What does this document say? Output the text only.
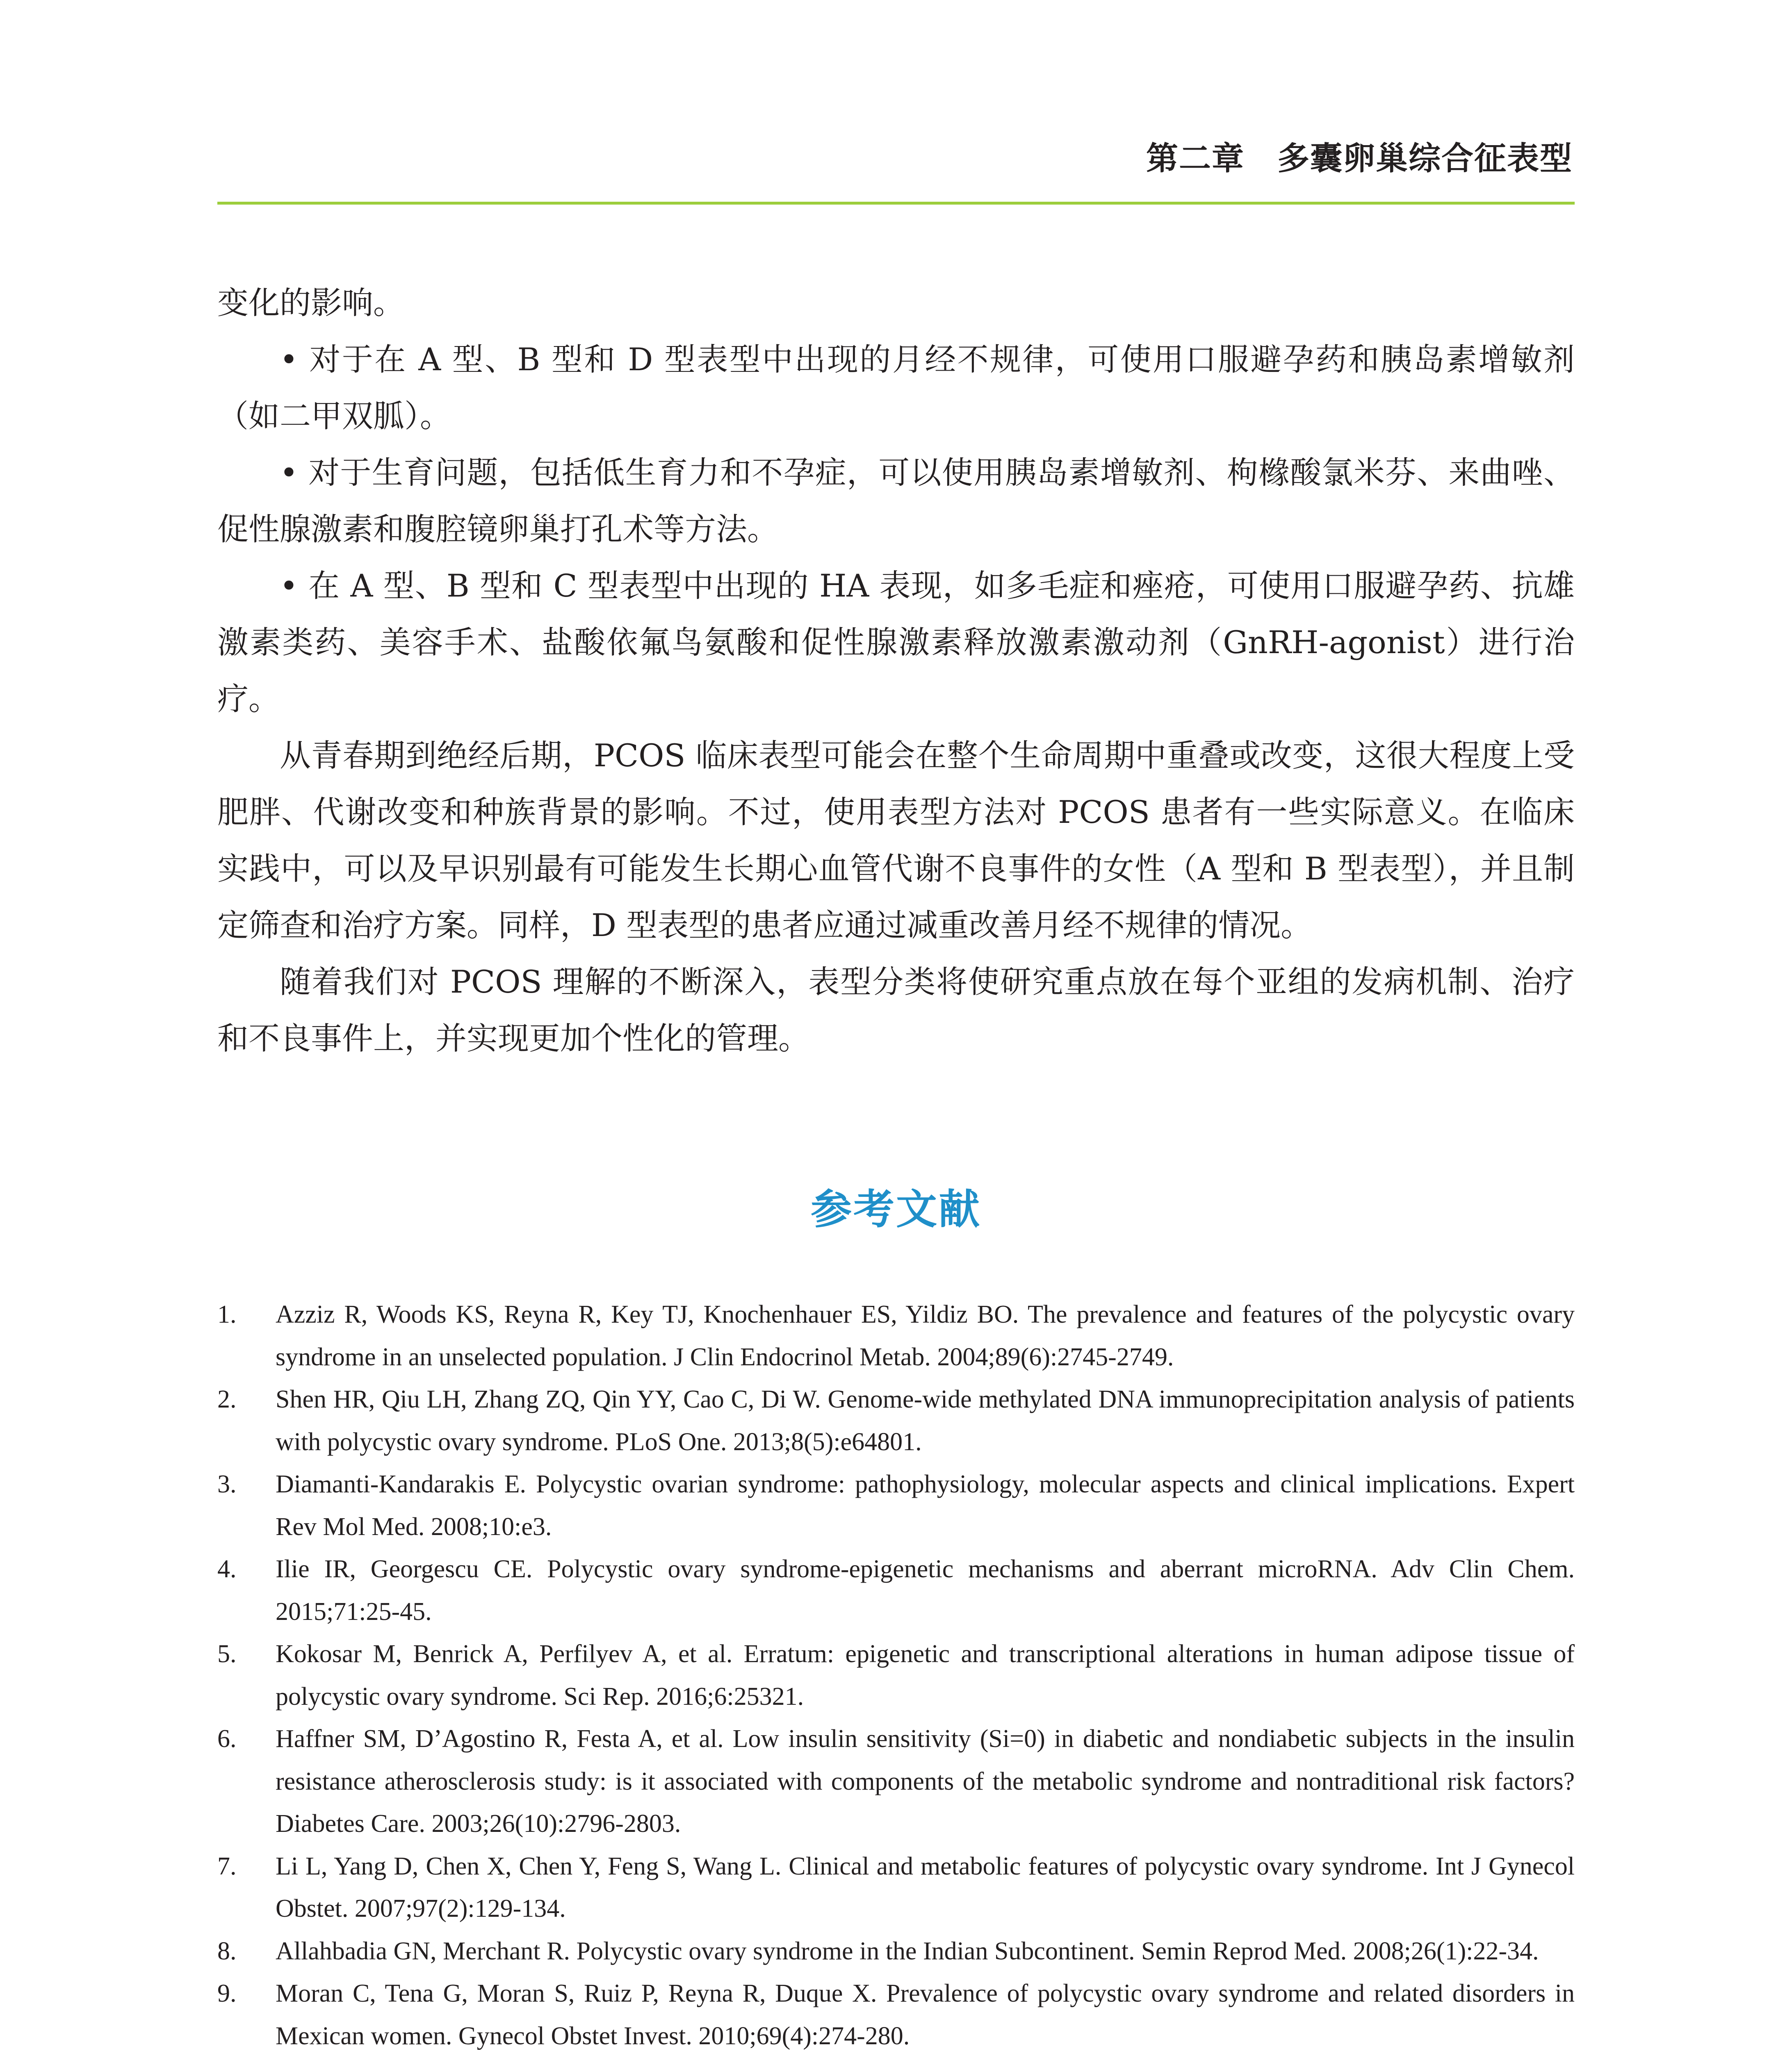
第二章　多囊卵巢综合征表型

变化的影响。

• 对于在 A 型、B 型和 D 型表型中出现的月经不规律，可使用口服避孕药和胰岛素增敏剂（如二甲双胍）。

• 对于生育问题，包括低生育力和不孕症，可以使用胰岛素增敏剂、枸橼酸氯米芬、来曲唑、促性腺激素和腹腔镜卵巢打孔术等方法。

• 在 A 型、B 型和 C 型表型中出现的 HA 表现，如多毛症和痤疮，可使用口服避孕药、抗雄激素类药、美容手术、盐酸依氟鸟氨酸和促性腺激素释放激素激动剂（GnRH-agonist）进行治疗。

从青春期到绝经后期，PCOS 临床表型可能会在整个生命周期中重叠或改变，这很大程度上受肥胖、代谢改变和种族背景的影响。不过，使用表型方法对 PCOS 患者有一些实际意义。在临床实践中，可以及早识别最有可能发生长期心血管代谢不良事件的女性（A 型和 B 型表型），并且制定筛查和治疗方案。同样，D 型表型的患者应通过减重改善月经不规律的情况。

随着我们对 PCOS 理解的不断深入，表型分类将使研究重点放在每个亚组的发病机制、治疗和不良事件上，并实现更加个性化的管理。

参考文献
1. Azziz R, Woods KS, Reyna R, Key TJ, Knochenhauer ES, Yildiz BO. The prevalence and features of the polycystic ovary syndrome in an unselected population. J Clin Endocrinol Metab. 2004;89(6):2745-2749.
2. Shen HR, Qiu LH, Zhang ZQ, Qin YY, Cao C, Di W. Genome-wide methylated DNA immunoprecipitation analysis of patients with polycystic ovary syndrome. PLoS One. 2013;8(5):e64801.
3. Diamanti-Kandarakis E. Polycystic ovarian syndrome: pathophysiology, molecular aspects and clinical implications. Expert Rev Mol Med. 2008;10:e3.
4. Ilie IR, Georgescu CE. Polycystic ovary syndrome-epigenetic mechanisms and aberrant microRNA. Adv Clin Chem. 2015;71:25-45.
5. Kokosar M, Benrick A, Perfilyev A, et al. Erratum: epigenetic and transcriptional alterations in human adipose tissue of polycystic ovary syndrome. Sci Rep. 2016;6:25321.
6. Haffner SM, D’Agostino R, Festa A, et al. Low insulin sensitivity (Si=0) in diabetic and nondiabetic subjects in the insulin resistance atherosclerosis study: is it associated with components of the metabolic syndrome and nontraditional risk factors? Diabetes Care. 2003;26(10):2796-2803.
7. Li L, Yang D, Chen X, Chen Y, Feng S, Wang L. Clinical and metabolic features of polycystic ovary syndrome. Int J Gynecol Obstet. 2007;97(2):129-134.
8. Allahbadia GN, Merchant R. Polycystic ovary syndrome in the Indian Subcontinent. Semin Reprod Med. 2008;26(1):22-34.
9. Moran C, Tena G, Moran S, Ruiz P, Reyna R, Duque X. Prevalence of polycystic ovary syndrome and related disorders in Mexican women. Gynecol Obstet Invest. 2010;69(4):274-280.
